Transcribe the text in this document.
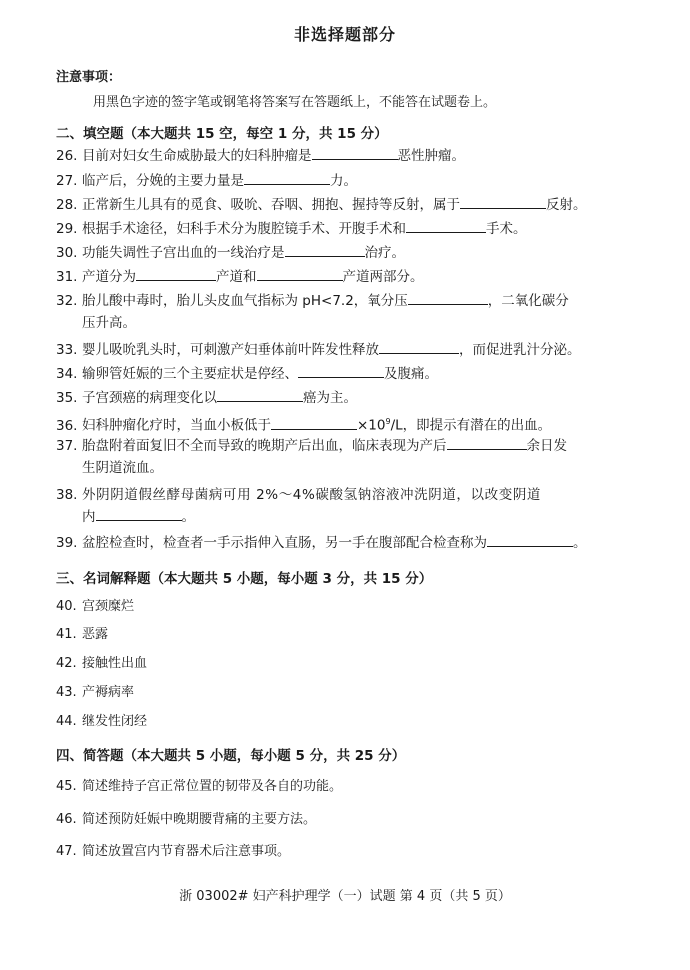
非选择题部分
注意事项：
用黑色字迹的签字笔或钢笔将答案写在答题纸上，不能答在试题卷上。
二、填空题（本大题共 15 空，每空 1 分，共 15 分）
26. 目前对妇女生命威胁最大的妇科肿瘤是	恶性肿瘤。
27. 临产后，分娩的主要力量是	力。
28. 正常新生儿具有的觅食、吸吮、吞咽、拥抱、握持等反射，属于	反射。
29. 根据手术途径，妇科手术分为腹腔镜手术、开腹手术和	手术。
30. 功能失调性子宫出血的一线治疗是	治疗。
31. 产道分为	产道和	产道两部分。
32. 胎儿酸中毒时，胎儿头皮血气指标为 pH<7.2，氧分压	，二氧化碳分
压升高。
33. 婴儿吸吮乳头时，可刺激产妇垂体前叶阵发性释放	，而促进乳汁分泌。
34. 输卵管妊娠的三个主要症状是停经、	及腹痛。
35. 子宫颈癌的病理变化以	癌为主。
36. 妇科肿瘤化疗时，当血小板低于	$\times 10^9/L$，即提示有潜在的出血。
37. 胎盘附着面复旧不全而导致的晚期产后出血，临床表现为产后	余日发
生阴道流血。
38. 外阴阴道假丝酵母菌病可用 2%～4%碳酸氢钠溶液冲洗阴道，以改变阴道
内	。
39. 盆腔检查时，检查者一手示指伸入直肠，另一手在腹部配合检查称为	。
三、名词解释题（本大题共 5 小题，每小题 3 分，共 15 分）
40. 宫颈糜烂
41. 恶露
42. 接触性出血
43. 产褥病率
44. 继发性闭经
四、简答题（本大题共 5 小题，每小题 5 分，共 25 分）
45. 简述维持子宫正常位置的韧带及各自的功能。
46. 简述预防妊娠中晚期腰背痛的主要方法。
47. 简述放置宫内节育器术后注意事项。
浙 03002# 妇产科护理学（一）试题 第 4 页（共 5 页）
